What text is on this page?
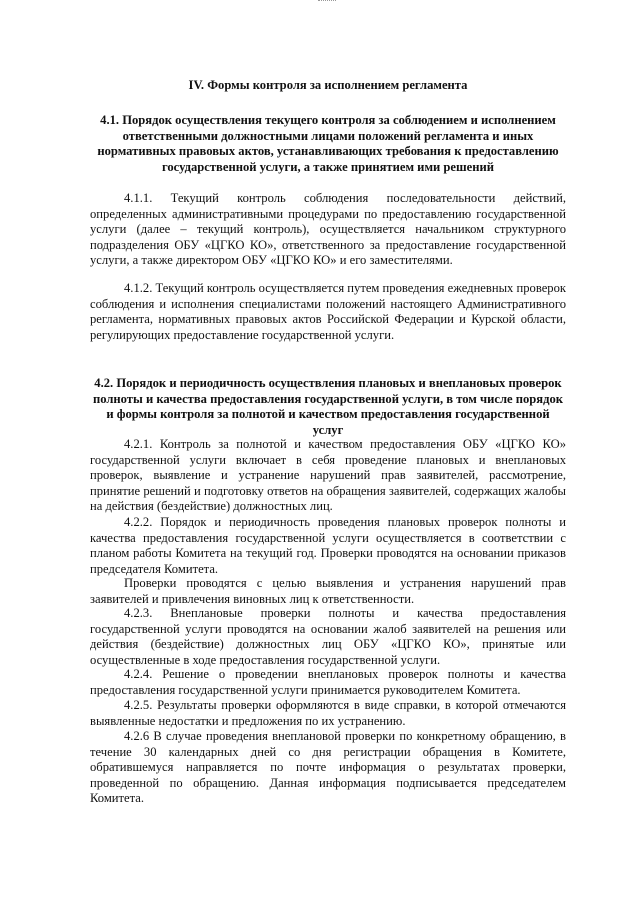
IV. Формы контроля за исполнением регламента
4.1. Порядок осуществления текущего контроля за соблюдением и исполнением ответственными должностными лицами положений регламента и иных нормативных правовых актов, устанавливающих требования к предоставлению государственной услуги, а также принятием ими решений
4.1.1. Текущий контроль соблюдения последовательности действий, определенных административными процедурами по предоставлению государственной услуги (далее – текущий контроль), осуществляется начальником структурного подразделения ОБУ «ЦГКО КО», ответственного за предоставление государственной услуги, а также директором ОБУ «ЦГКО КО» и его заместителями.
4.1.2. Текущий контроль осуществляется путем проведения ежедневных проверок соблюдения и исполнения специалистами положений настоящего Административного регламента, нормативных правовых актов Российской Федерации и Курской области, регулирующих предоставление государственной услуги.
4.2. Порядок и периодичность осуществления плановых и внеплановых проверок полноты и качества предоставления государственной услуги, в том числе порядок и формы контроля за полнотой и качеством предоставления государственной услуг
4.2.1. Контроль за полнотой и качеством предоставления ОБУ «ЦГКО КО» государственной услуги включает в себя проведение плановых и внеплановых проверок, выявление и устранение нарушений прав заявителей, рассмотрение, принятие решений и подготовку ответов на обращения заявителей, содержащих жалобы на действия (бездействие) должностных лиц.
4.2.2. Порядок и периодичность проведения плановых проверок полноты и качества предоставления государственной услуги осуществляется в соответствии с планом работы Комитета на текущий год. Проверки проводятся на основании приказов председателя Комитета.
Проверки проводятся с целью выявления и устранения нарушений прав заявителей и привлечения виновных лиц к ответственности.
4.2.3. Внеплановые проверки полноты и качества предоставления государственной услуги проводятся на основании жалоб заявителей на решения или действия (бездействие) должностных лиц ОБУ «ЦГКО КО», принятые или осуществленные в ходе предоставления государственной услуги.
4.2.4. Решение о проведении внеплановых проверок полноты и качества предоставления государственной услуги принимается руководителем Комитета.
4.2.5. Результаты проверки оформляются в виде справки, в которой отмечаются выявленные недостатки и предложения по их устранению.
4.2.6 В случае проведения внеплановой проверки по конкретному обращению, в течение 30 календарных дней со дня регистрации обращения в Комитете, обратившемуся направляется по почте информация о результатах проверки, проведенной по обращению. Данная информация подписывается председателем Комитета.
